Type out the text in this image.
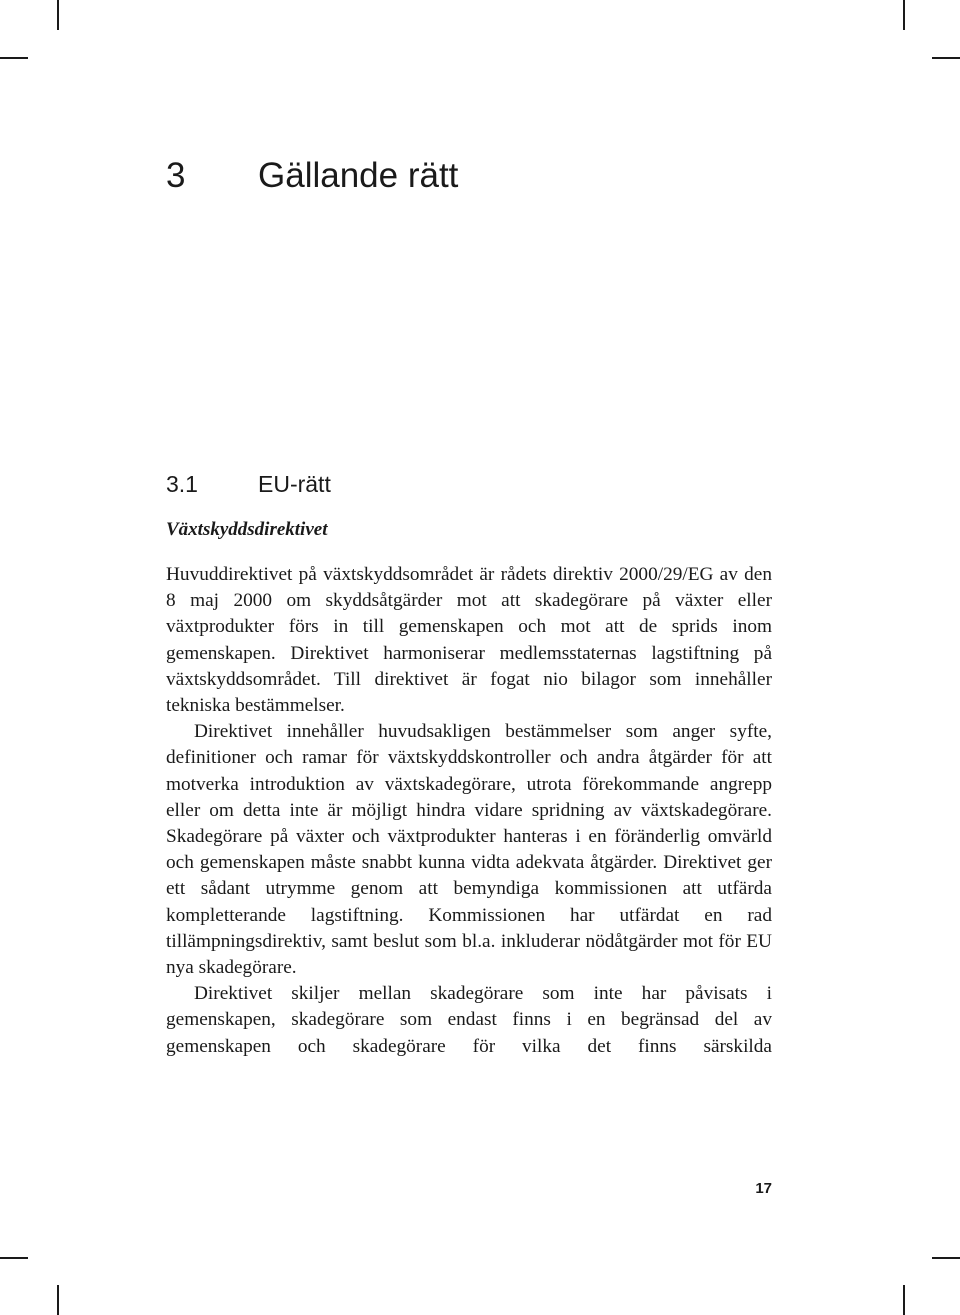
3 Gällande rätt
3.1	EU-rätt
Växtskyddsdirektivet

Huvuddirektivet på växtskyddsområdet är rådets direktiv 2000/29/EG av den 8 maj 2000 om skyddsåtgärder mot att skadegörare på växter eller växtprodukter förs in till gemenskapen och mot att de sprids inom gemenskapen. Direktivet harmoniserar medlemsstaternas lagstiftning på växtskyddsområdet. Till direktivet är fogat nio bilagor som innehåller tekniska bestämmelser.

Direktivet innehåller huvudsakligen bestämmelser som anger syfte, definitioner och ramar för växtskyddskontroller och andra åtgärder för att motverka introduktion av växtskadegörare, utrota förekommande angrepp eller om detta inte är möjligt hindra vidare spridning av växtskadegörare. Skadegörare på växter och växtprodukter hanteras i en föränderlig omvärld och gemenskapen måste snabbt kunna vidta adekvata åtgärder. Direktivet ger ett sådant utrymme genom att bemyndiga kommissionen att utfärda kompletterande lagstiftning. Kommissionen har utfärdat en rad tillämpningsdirektiv, samt beslut som bl.a. inkluderar nödåtgärder mot för EU nya skadegörare.

Direktivet skiljer mellan skadegörare som inte har påvisats i gemenskapen, skadegörare som endast finns i en begränsad del av gemenskapen och skadegörare för vilka det finns särskilda

17
